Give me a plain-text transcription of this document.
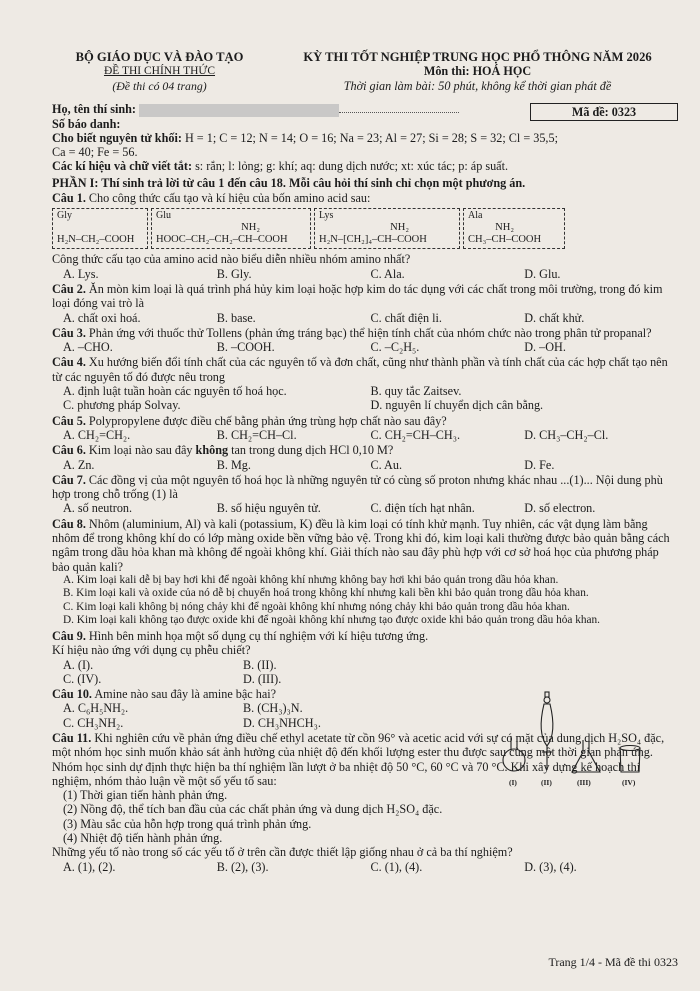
BỘ GIÁO DỤC VÀ ĐÀO TẠO
ĐỀ THI CHÍNH THỨC
(Đề thi có 04 trang)
KỲ THI TỐT NGHIỆP TRUNG HỌC PHỔ THÔNG NĂM 2026
Môn thi: HOÁ HỌC
Thời gian làm bài: 50 phút, không kể thời gian phát đề
Họ, tên thí sinh:
Số báo danh:
Mã đề: 0323
Cho biết nguyên tử khối: H = 1; C = 12; N = 14; O = 16; Na = 23; Al = 27; Si = 28; S = 32; Cl = 35,5;
Ca = 40; Fe = 56.
Các kí hiệu và chữ viết tắt: s: rắn; l: lỏng; g: khí; aq: dung dịch nước; xt: xúc tác; p: áp suất.
PHẦN I: Thí sinh trả lời từ câu 1 đến câu 18. Mỗi câu hỏi thí sinh chỉ chọn một phương án.
Câu 1. Cho công thức cấu tạo và kí hiệu của bốn amino acid sau:
Gly

H₂N–CH₂–COOH
Glu
NH₂
HOOC–CH₂–CH₂–CH–COOH
Lys
NH₂
H₂N–[CH₂]₄–CH–COOH
Ala
NH₂
CH₃–CH–COOH
Công thức cấu tạo của amino acid nào biểu diễn nhiều nhóm amino nhất?
A. Lys.	B. Gly.	C. Ala.	D. Glu.
Câu 2. Ăn mòn kim loại là quá trình phá hủy kim loại hoặc hợp kim do tác dụng với các chất trong môi trường, trong đó kim loại đóng vai trò là
A. chất oxi hoá.	B. base.	C. chất điện li.	D. chất khử.
Câu 3. Phản ứng với thuốc thử Tollens (phản ứng tráng bạc) thể hiện tính chất của nhóm chức nào trong phân tử propanal?
A. –CHO.	B. –COOH.	C. –C₂H₅.	D. –OH.
Câu 4. Xu hướng biến đổi tính chất của các nguyên tố và đơn chất, cũng như thành phần và tính chất của các hợp chất tạo nên từ các nguyên tố đó được nêu trong
A. định luật tuần hoàn các nguyên tố hoá học.	B. quy tắc Zaitsev.
C. phương pháp Solvay.	D. nguyên lí chuyển dịch cân bằng.
Câu 5. Polypropylene được điều chế bằng phản ứng trùng hợp chất nào sau đây?
A. CH₂=CH₂.	B. CH₂=CH–Cl.	C. CH₂=CH–CH₃.	D. CH₃–CH₂–Cl.
Câu 6. Kim loại nào sau đây không tan trong dung dịch HCl 0,10 M?
A. Zn.	B. Mg.	C. Au.	D. Fe.
Câu 7. Các đồng vị của một nguyên tố hoá học là những nguyên tử có cùng số proton nhưng khác nhau ...(1)... Nội dung phù hợp trong chỗ trống (1) là
A. số neutron.	B. số hiệu nguyên tử.	C. điện tích hạt nhân.	D. số electron.
Câu 8. Nhôm (aluminium, Al) và kali (potassium, K) đều là kim loại có tính khử mạnh. Tuy nhiên, các vật dụng làm bằng nhôm để trong không khí do có lớp màng oxide bền vững bảo vệ. Trong khi đó, kim loại kali thường được bảo quản bằng cách ngâm trong dầu hỏa khan mà không để ngoài không khí. Giải thích nào sau đây phù hợp với cơ sở hoá học của phương pháp bảo quản kali?
A. Kim loại kali dễ bị bay hơi khi để ngoài không khí nhưng không bay hơi khi bảo quản trong dầu hỏa khan.
B. Kim loại kali và oxide của nó dễ bị chuyển hoá trong không khí nhưng kali bền khi bảo quản trong dầu hỏa khan.
C. Kim loại kali không bị nóng chảy khi để ngoài không khí nhưng nóng chảy khi bảo quản trong dầu hỏa khan.
D. Kim loại kali không tạo được oxide khi để ngoài không khí nhưng tạo được oxide khi bảo quản trong dầu hỏa khan.
Câu 9. Hình bên minh họa một số dụng cụ thí nghiệm với kí hiệu tương ứng.
Kí hiệu nào ứng với dụng cụ phễu chiết?
A. (I).	B. (II).
C. (IV).	D. (III).
Câu 10. Amine nào sau đây là amine bậc hai?
A. C₆H₅NH₂.	B. (CH₃)₃N.
C. CH₃NH₂.	D. CH₃NHCH₃.
Câu 11. Khi nghiên cứu về phản ứng điều chế ethyl acetate từ cồn 96° và acetic acid với sự có mặt của dung dịch H₂SO₄ đặc, một nhóm học sinh muốn khảo sát ảnh hưởng của nhiệt độ đến khối lượng ester thu được sau cùng một thời gian phản ứng. Nhóm học sinh dự định thực hiện ba thí nghiệm lần lượt ở ba nhiệt độ 50 °C, 60 °C và 70 °C. Khi xây dựng kế hoạch thí nghiệm, nhóm thảo luận về một số yếu tố sau:
(1) Thời gian tiến hành phản ứng.
(2) Nồng độ, thể tích ban đầu của các chất phản ứng và dung dịch H₂SO₄ đặc.
(3) Màu sắc của hỗn hợp trong quá trình phản ứng.
(4) Nhiệt độ tiến hành phản ứng.
Những yếu tố nào trong số các yếu tố ở trên cần được thiết lập giống nhau ở cả ba thí nghiệm?
A. (1), (2).	B. (2), (3).	C. (1), (4).	D. (3), (4).
(I)	(II)	(III)	(IV)
Trang 1/4 - Mã đề thi 0323
